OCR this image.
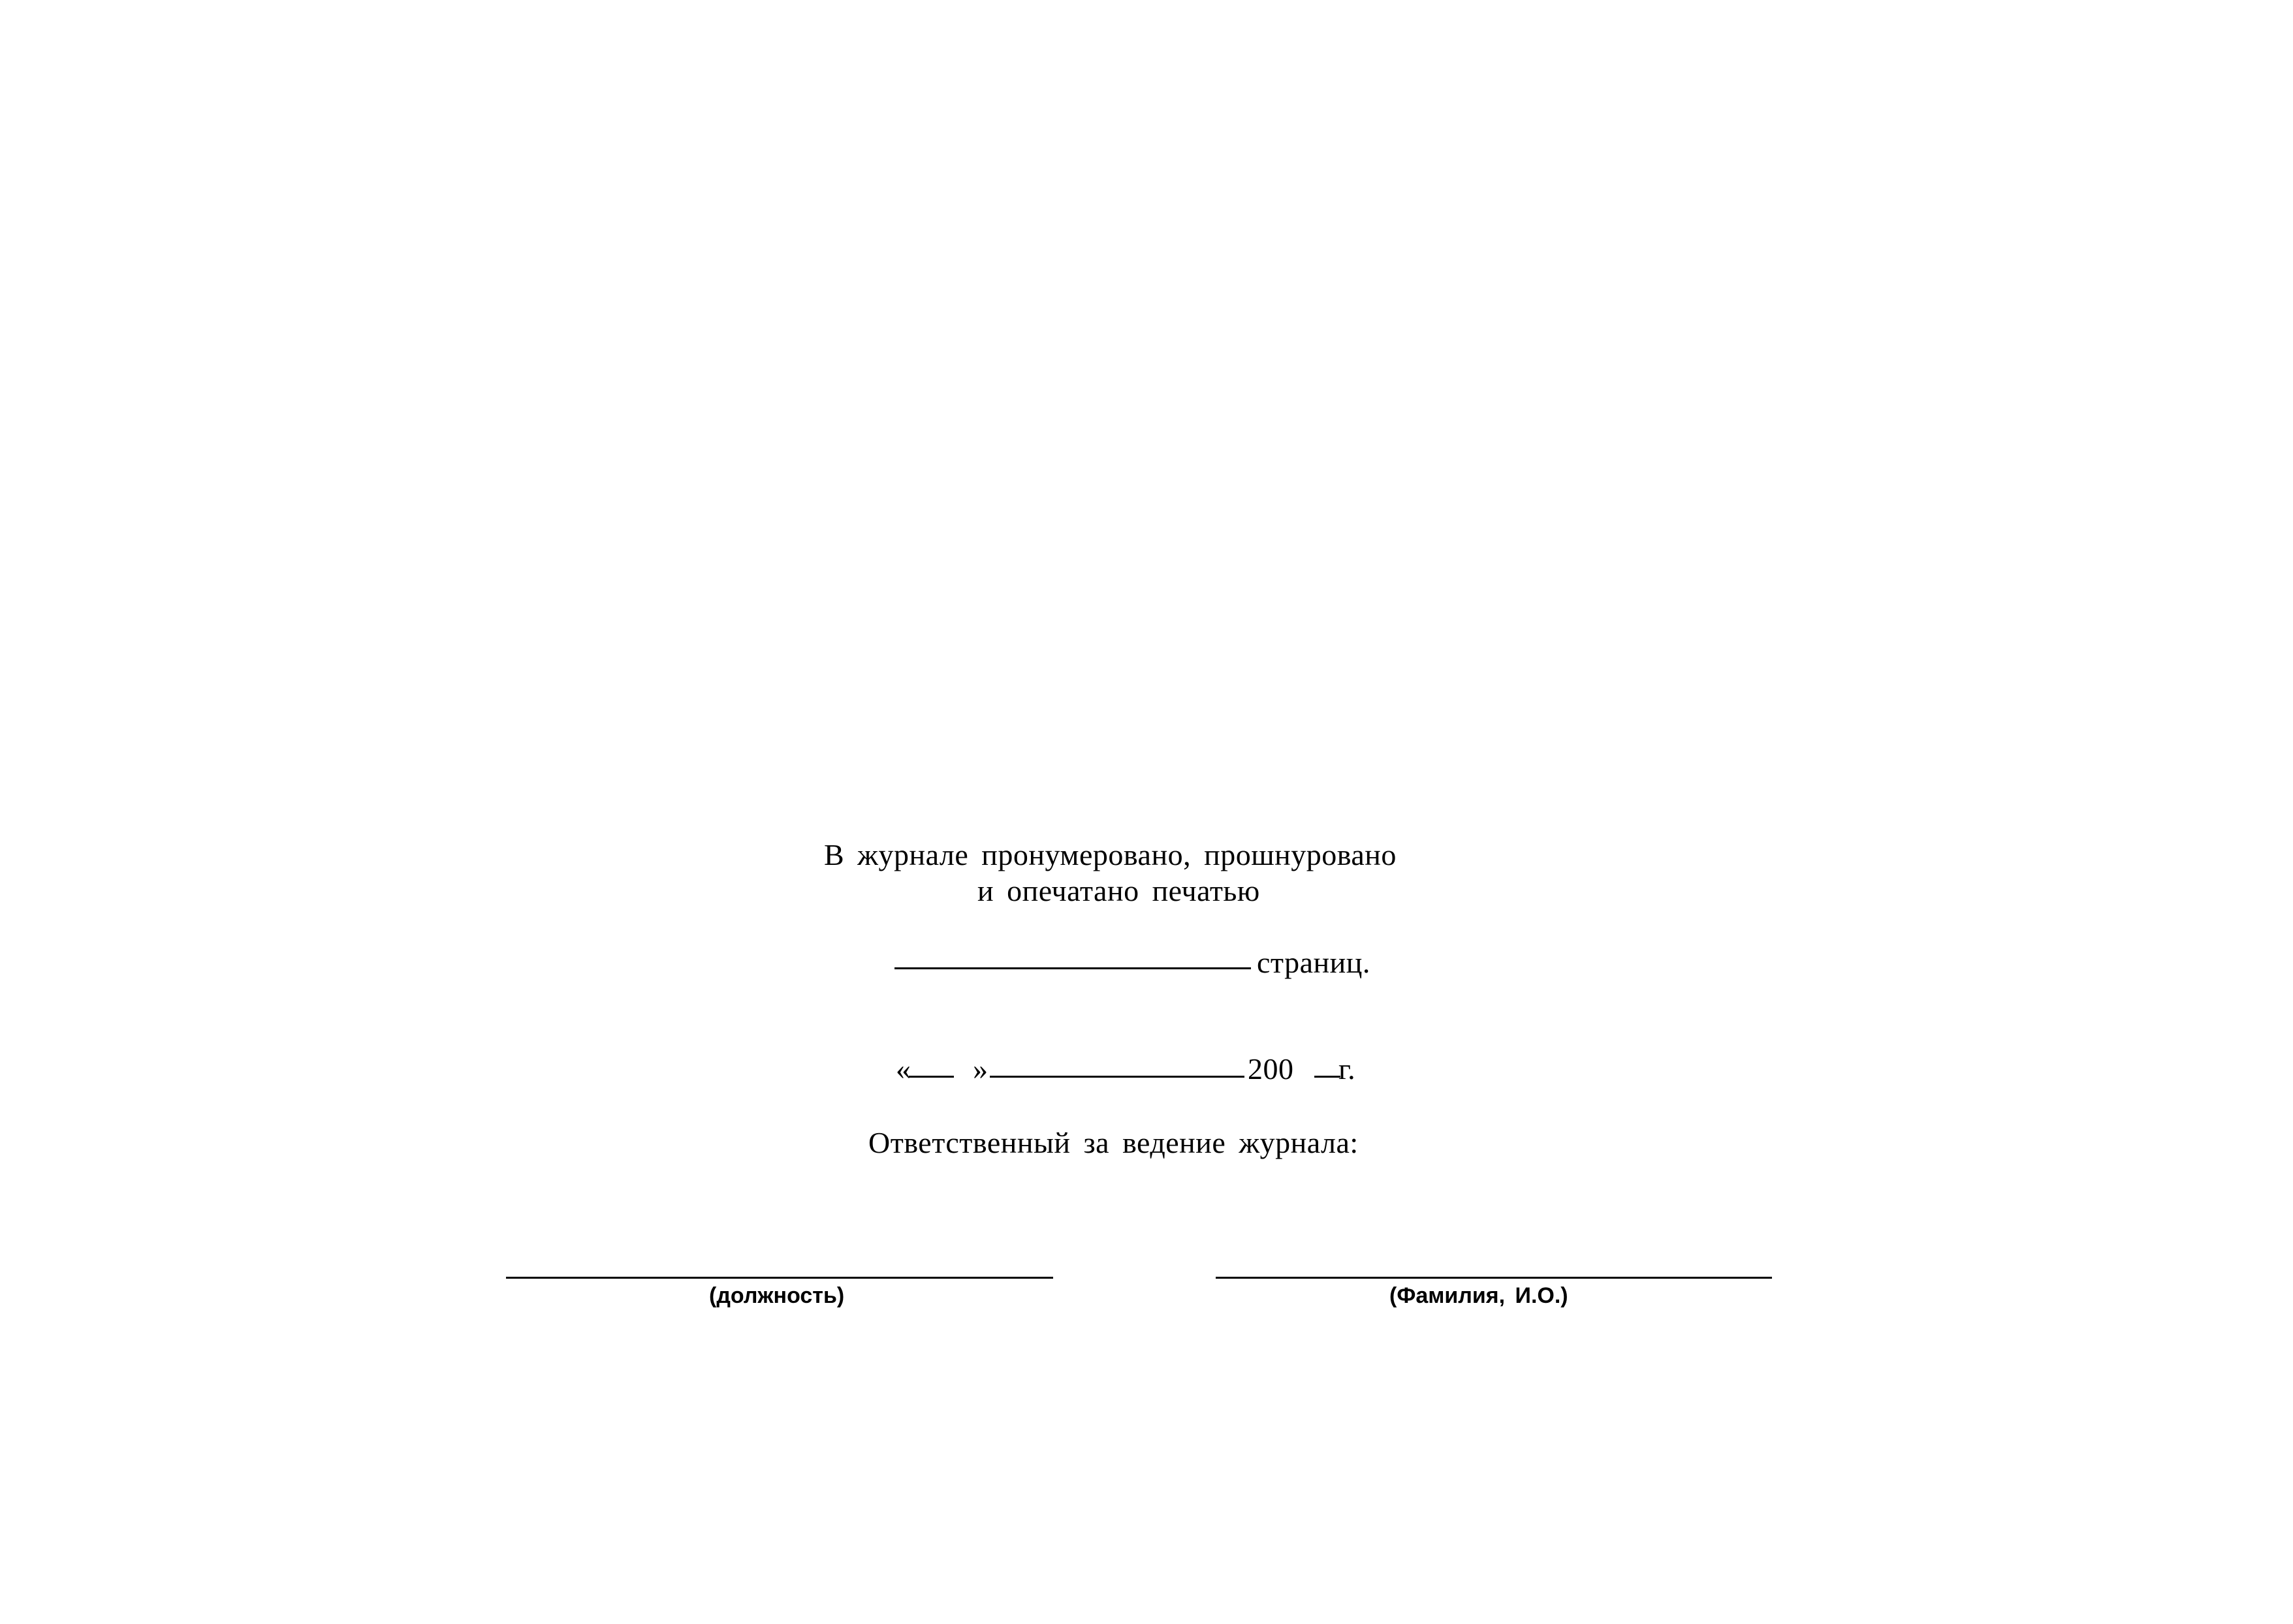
В журнале пронумеровано, прошнуровано
и опечатано печатью
страниц.
« »	200 г.
Ответственный за ведение журнала:
(должность)	(Фамилия, И.О.)
